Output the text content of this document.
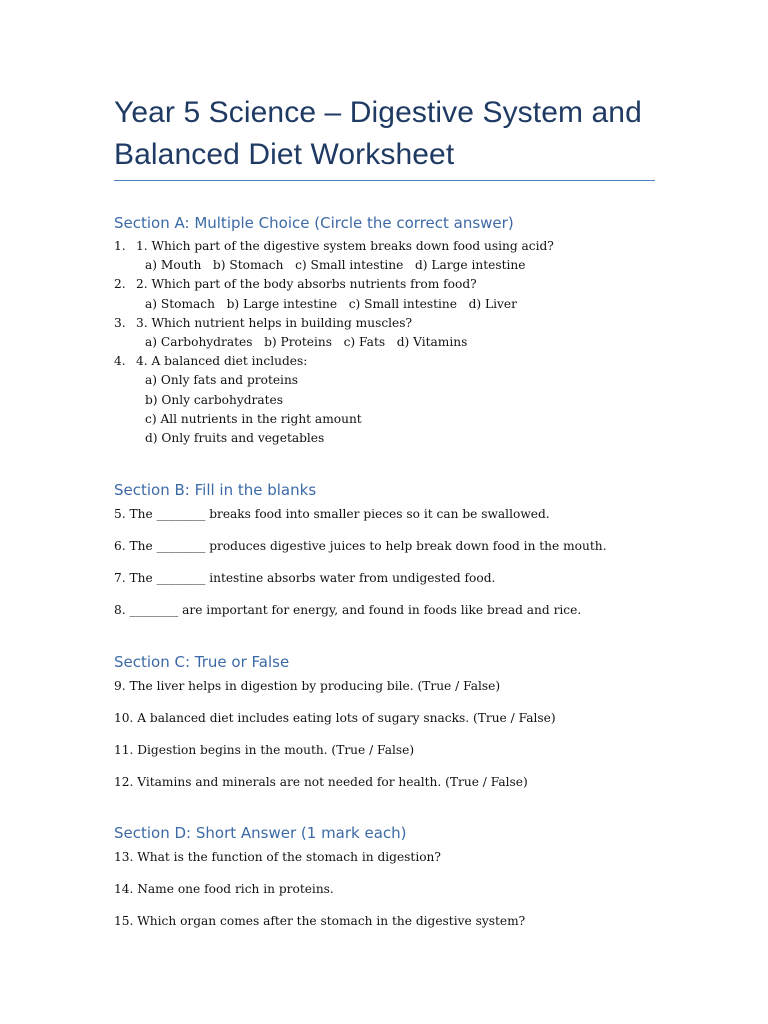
Year 5 Science – Digestive System and Balanced Diet Worksheet
Section A: Multiple Choice (Circle the correct answer)
1. 1. Which part of the digestive system breaks down food using acid?
a) Mouth   b) Stomach   c) Small intestine   d) Large intestine
2. 2. Which part of the body absorbs nutrients from food?
a) Stomach   b) Large intestine   c) Small intestine   d) Liver
3. 3. Which nutrient helps in building muscles?
a) Carbohydrates   b) Proteins   c) Fats   d) Vitamins
4. 4. A balanced diet includes:
a) Only fats and proteins
b) Only carbohydrates
c) All nutrients in the right amount
d) Only fruits and vegetables
Section B: Fill in the blanks
5. The ________ breaks food into smaller pieces so it can be swallowed.
6. The ________ produces digestive juices to help break down food in the mouth.
7. The ________ intestine absorbs water from undigested food.
8. ________ are important for energy, and found in foods like bread and rice.
Section C: True or False
9. The liver helps in digestion by producing bile. (True / False)
10. A balanced diet includes eating lots of sugary snacks. (True / False)
11. Digestion begins in the mouth. (True / False)
12. Vitamins and minerals are not needed for health. (True / False)
Section D: Short Answer (1 mark each)
13. What is the function of the stomach in digestion?
14. Name one food rich in proteins.
15. Which organ comes after the stomach in the digestive system?
